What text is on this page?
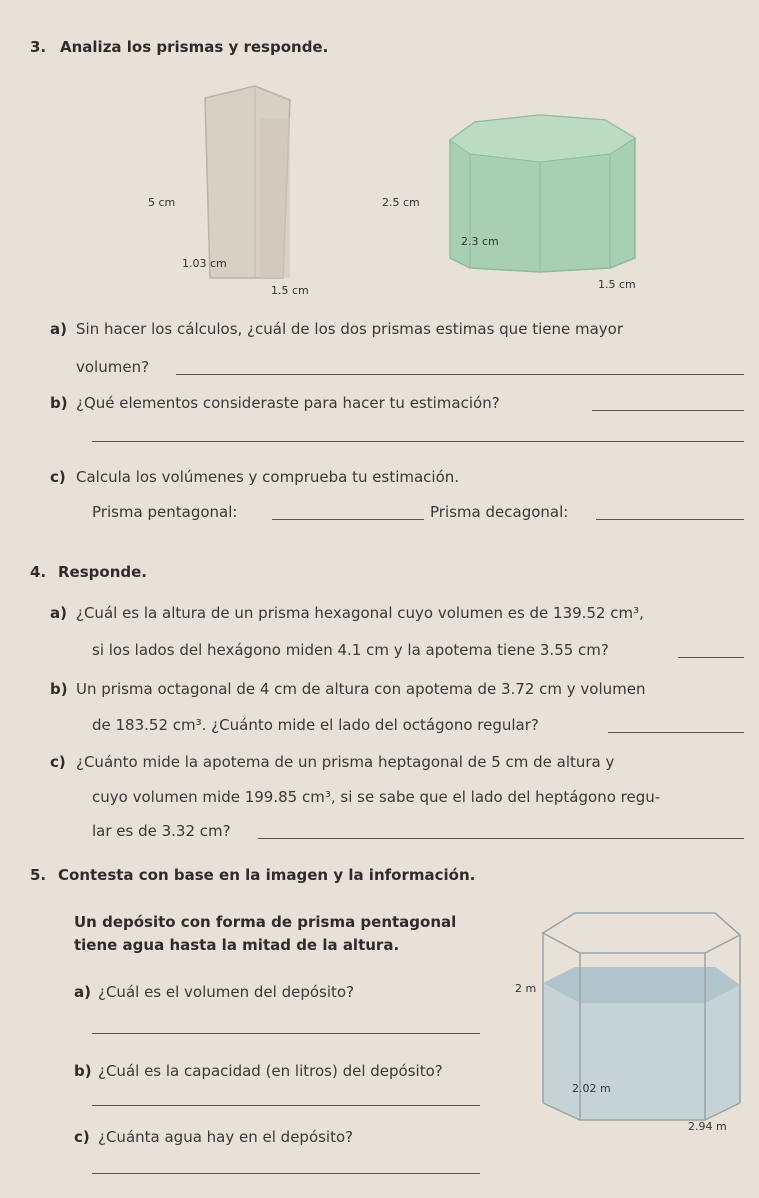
3. Analiza los prismas y responde.
5 cm
1.03 cm
1.5 cm
2.5 cm
2.3 cm
1.5 cm
a) Sin hacer los cálculos, ¿cuál de los dos prismas estimas que tiene mayor
volumen?
b) ¿Qué elementos consideraste para hacer tu estimación?
c) Calcula los volúmenes y comprueba tu estimación.
Prisma pentagonal:	Prisma decagonal:
4. Responde.
a) ¿Cuál es la altura de un prisma hexagonal cuyo volumen es de 139.52 cm³,
si los lados del hexágono miden 4.1 cm y la apotema tiene 3.55 cm?
b) Un prisma octagonal de 4 cm de altura con apotema de 3.72 cm y volumen
de 183.52 cm³. ¿Cuánto mide el lado del octágono regular?
c) ¿Cuánto mide la apotema de un prisma heptagonal de 5 cm de altura y
cuyo volumen mide 199.85 cm³, si se sabe que el lado del heptágono regu-
lar es de 3.32 cm?
5. Contesta con base en la imagen y la información.
Un depósito con forma de prisma pentagonal
tiene agua hasta la mitad de la altura.
a) ¿Cuál es el volumen del depósito?
b) ¿Cuál es la capacidad (en litros) del depósito?
c) ¿Cuánta agua hay en el depósito?
2 m
2.02 m
2.94 m
